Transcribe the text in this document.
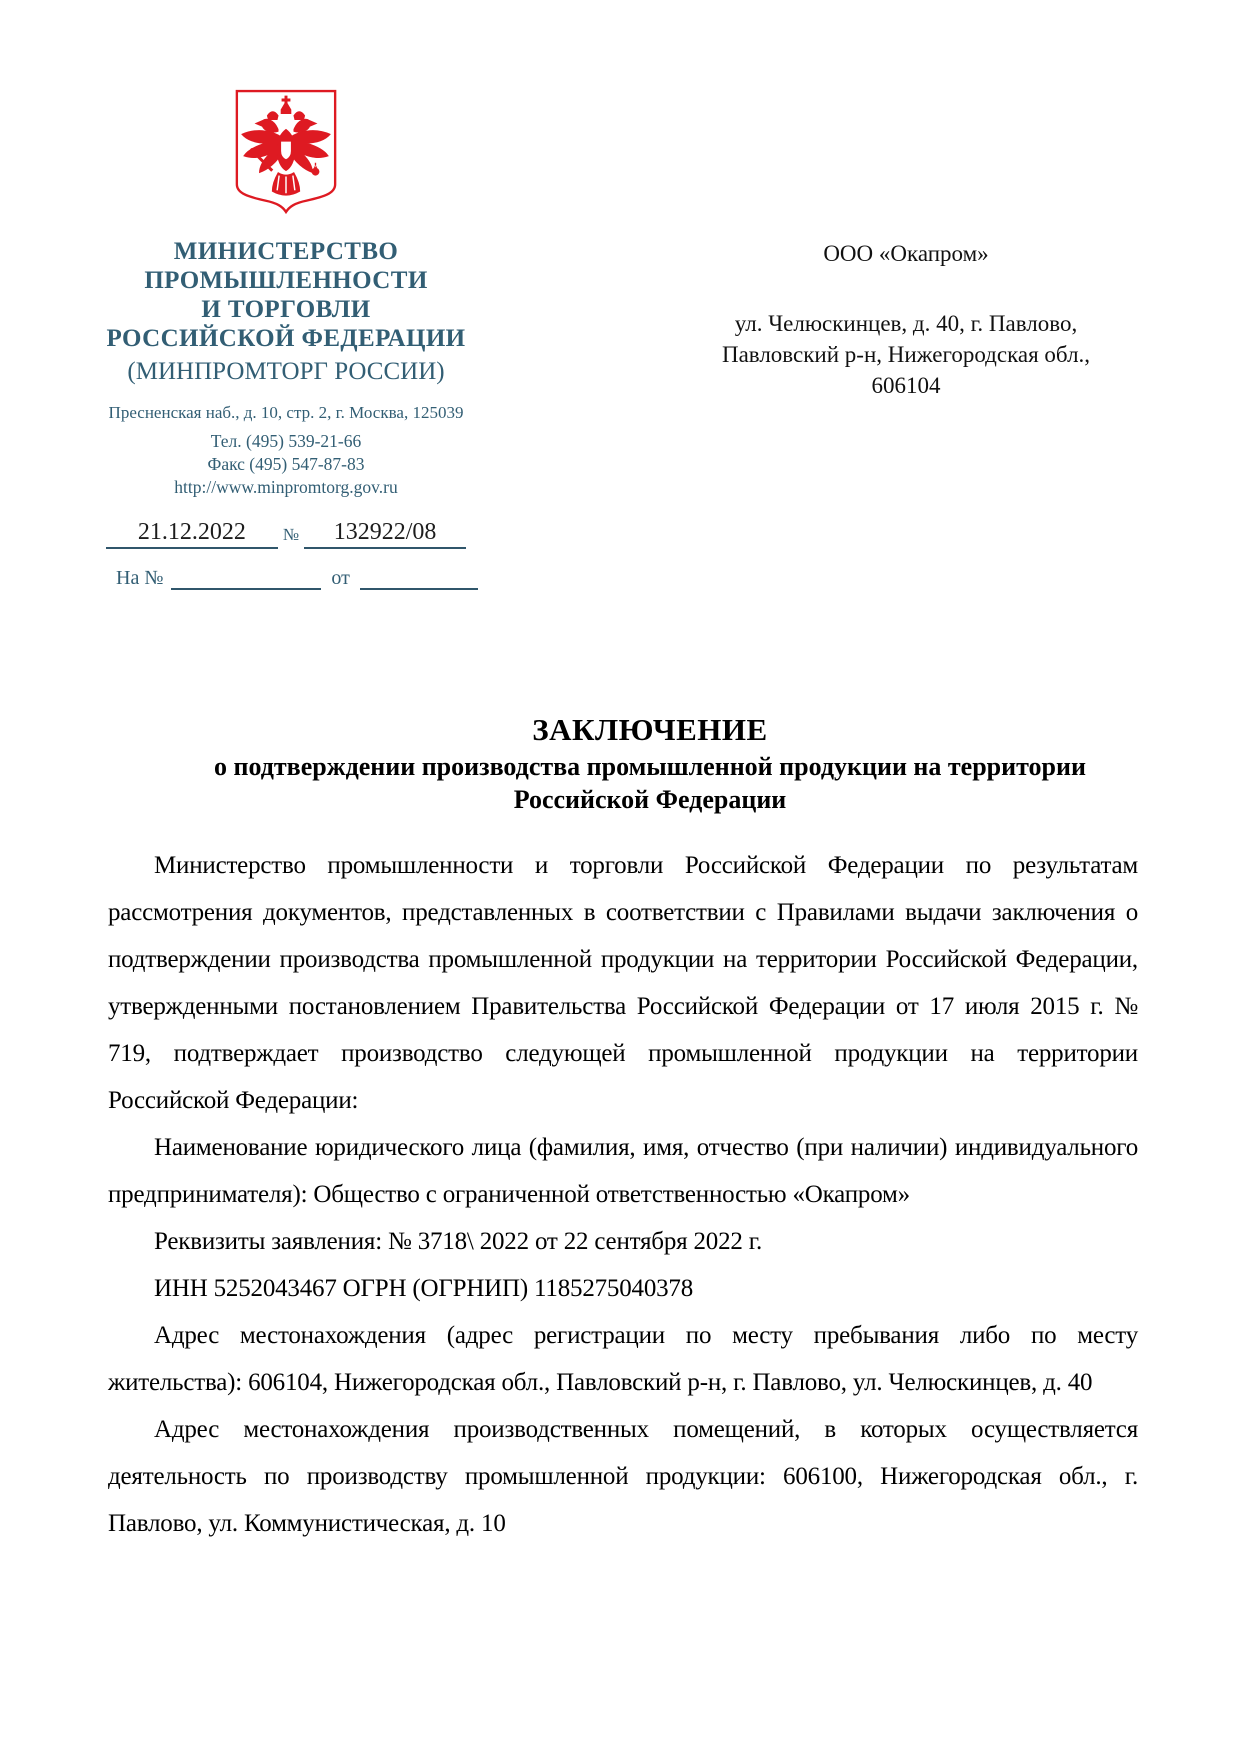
МИНИСТЕРСТВО
ПРОМЫШЛЕННОСТИ
И ТОРГОВЛИ
РОССИЙСКОЙ ФЕДЕРАЦИИ
(МИНПРОМТОРГ РОССИИ)
Пресненская наб., д. 10, стр. 2, г. Москва, 125039
Тел. (495) 539-21-66
Факс (495) 547-87-83
http://www.minpromtorg.gov.ru
21.12.2022	№	132922/08
На №	от
ООО «Окапром»
ул. Челюскинцев, д. 40, г. Павлово,
Павловский р-н, Нижегородская обл.,
606104
ЗАКЛЮЧЕНИЕ
о подтверждении производства промышленной продукции на территории
Российской Федерации

Министерство промышленности и торговли Российской Федерации по результатам рассмотрения документов, представленных в соответствии с Правилами выдачи заключения о подтверждении производства промышленной продукции на территории Российской Федерации, утвержденными постановлением Правительства Российской Федерации от 17 июля 2015 г. № 719, подтверждает производство следующей промышленной продукции на территории Российской Федерации:

Наименование юридического лица (фамилия, имя, отчество (при наличии) индивидуального предпринимателя): Общество с ограниченной ответственностью «Окапром»

Реквизиты заявления: № 3718\ 2022 от 22 сентября 2022 г.

ИНН 5252043467 ОГРН (ОГРНИП) 1185275040378

Адрес местонахождения (адрес регистрации по месту пребывания либо по месту жительства): 606104, Нижегородская обл., Павловский р-н, г. Павлово, ул. Челюскинцев, д. 40

Адрес местонахождения производственных помещений, в которых осуществляется деятельность по производству промышленной продукции: 606100, Нижегородская обл., г. Павлово, ул. Коммунистическая, д. 10
